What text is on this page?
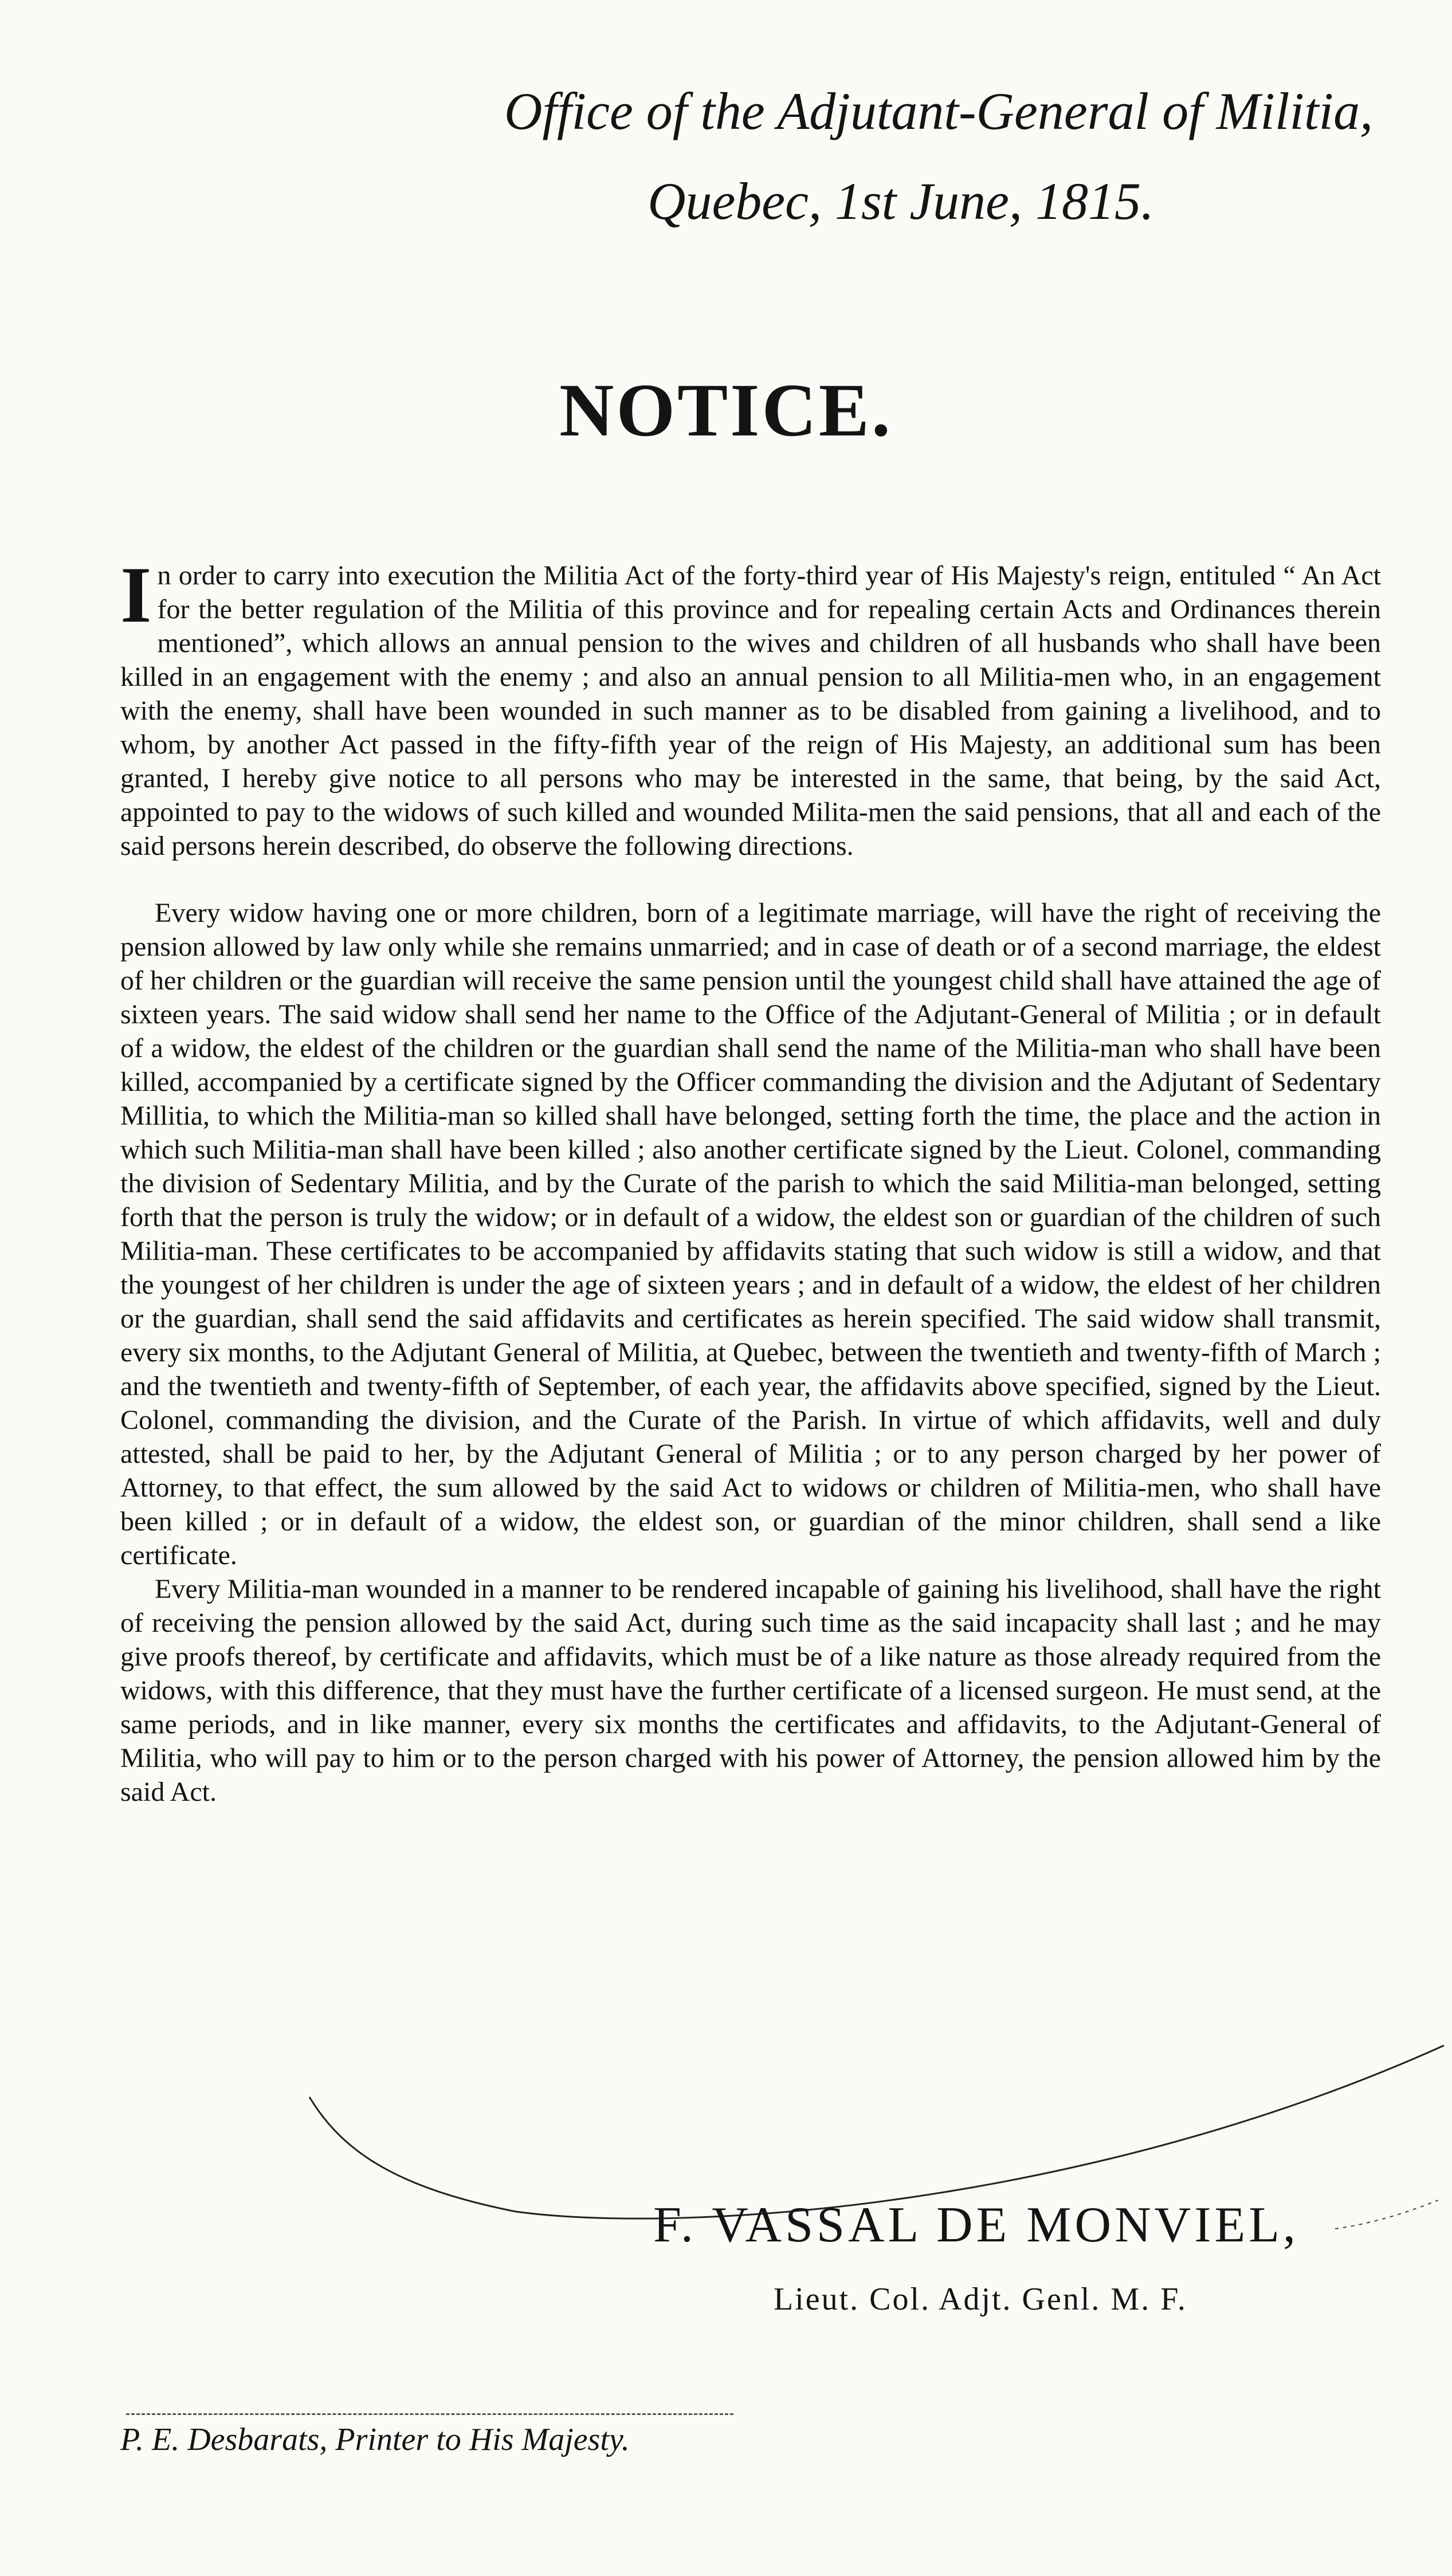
Office of the Adjutant-General of Militia,
Quebec, 1st June, 1815.
NOTICE.

In order to carry into execution the Militia Act of the forty-third year of His Majesty's reign, entituled “ An Act for the better regulation of the Militia of this province and for repealing certain Acts and Ordinances therein mentioned”, which allows an annual pension to the wives and children of all husbands who shall have been killed in an engagement with the enemy ; and also an annual pension to all Militia-men who, in an engagement with the enemy, shall have been wounded in such manner as to be disabled from gaining a livelihood, and to whom, by another Act passed in the fifty-fifth year of the reign of His Majesty, an additional sum has been granted, I hereby give notice to all persons who may be interested in the same, that being, by the said Act, appointed to pay to the widows of such killed and wounded Milita-men the said pensions, that all and each of the said persons herein described, do observe the following directions.

Every widow having one or more children, born of a legitimate marriage, will have the right of receiving the pension allowed by law only while she remains unmarried; and in case of death or of a second marriage, the eldest of her children or the guardian will receive the same pension until the youngest child shall have attained the age of sixteen years. The said widow shall send her name to the Office of the Adjutant-General of Militia ; or in default of a widow, the eldest of the children or the guardian shall send the name of the Militia-man who shall have been killed, accompanied by a certificate signed by the Officer commanding the division and the Adjutant of Sedentary Millitia, to which the Militia-man so killed shall have belonged, setting forth the time, the place and the action in which such Militia-man shall have been killed ; also another certificate signed by the Lieut. Colonel, commanding the division of Sedentary Militia, and by the Curate of the parish to which the said Militia-man belonged, setting forth that the person is truly the widow; or in default of a widow, the eldest son or guardian of the children of such Militia-man. These certificates to be accompanied by affidavits stating that such widow is still a widow, and that the youngest of her children is under the age of sixteen years ; and in default of a widow, the eldest of her children or the guardian, shall send the said affidavits and certificates as herein specified. The said widow shall transmit, every six months, to the Adjutant General of Militia, at Quebec, between the twentieth and twenty-fifth of March ; and the twentieth and twenty-fifth of September, of each year, the affidavits above specified, signed by the Lieut. Colonel, commanding the division, and the Curate of the Parish. In virtue of which affidavits, well and duly attested, shall be paid to her, by the Adjutant General of Militia ; or to any person charged by her power of Attorney, to that effect, the sum allowed by the said Act to widows or children of Militia-men, who shall have been killed ; or in default of a widow, the eldest son, or guardian of the minor children, shall send a like certificate.

Every Militia-man wounded in a manner to be rendered incapable of gaining his livelihood, shall have the right of receiving the pension allowed by the said Act, during such time as the said incapacity shall last ; and he may give proofs thereof, by certificate and affidavits, which must be of a like nature as those already required from the widows, with this difference, that they must have the further certificate of a licensed surgeon. He must send, at the same periods, and in like manner, every six months the certificates and affidavits, to the Adjutant-General of Militia, who will pay to him or to the person charged with his power of Attorney, the pension allowed him by the said Act.

F. VASSAL DE MONVIEL,
Lieut. Col. Adjt. Genl. M. F.
P. E. Desbarats, Printer to His Majesty.
